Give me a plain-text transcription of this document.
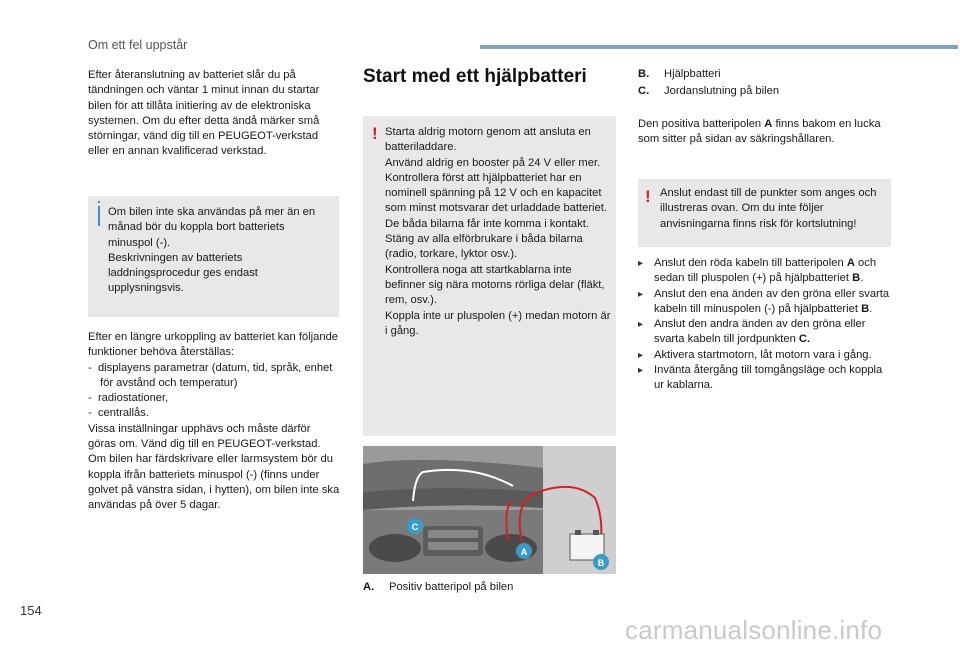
Om ett fel uppstår

Efter återanslutning av batteriet slår du på tändningen och väntar 1 minut innan du startar bilen för att tillåta initiering av de elektroniska systemen. Om du efter detta ändå märker små störningar, vänd dig till en PEUGEOT-verkstad eller en annan kvalificerad verkstad.

Om bilen inte ska användas på mer än en månad bör du koppla bort batteriets minuspol (-).

Beskrivningen av batteriets laddningsprocedur ges endast upplysningsvis.

Efter en längre urkoppling av batteriet kan följande funktioner behöva återställas:

-  displayens parametrar (datum, tid, språk, enhet för avstånd och temperatur)
-  radiostationer,
-  centrallås.

Vissa inställningar upphävs och måste därför göras om. Vänd dig till en PEUGEOT-verkstad. Om bilen har färdskrivare eller larmsystem bör du koppla ifrån batteriets minuspol (-) (finns under golvet på vänstra sidan, i hytten), om bilen inte ska användas på över 5 dagar.

Start med ett hjälpbatteri
! Starta aldrig motorn genom att ansluta en batteriladdare.

Använd aldrig en booster på 24 V eller mer.

Kontrollera först att hjälpbatteriet har en nominell spänning på 12 V och en kapacitet som minst motsvarar det urladdade batteriet.

De båda bilarna får inte komma i kontakt.

Stäng av alla elförbrukare i båda bilarna (radio, torkare, lyktor osv.).

Kontrollera noga att startkablarna inte befinner sig nära motorns rörliga delar (fläkt, rem, osv.).

Koppla inte ur pluspolen (+) medan motorn är i gång.

C
A
B
A.	Positiv batteripol på bilen
B.	Hjälpbatteri
C.	Jordanslutning på bilen

Den positiva batteripolen A finns bakom en lucka som sitter på sidan av säkringshållaren.

! Anslut endast till de punkter som anges och illustreras ovan. Om du inte följer anvisningarna finns risk för kortslutning!

▸ Anslut den röda kabeln till batteripolen A och sedan till pluspolen (+) på hjälpbatteriet B.
▸ Anslut den ena änden av den gröna eller svarta kabeln till minuspolen (-) på hjälpbatteriet B.
▸ Anslut den andra änden av den gröna eller svarta kabeln till jordpunkten C.
▸ Aktivera startmotorn, låt motorn vara i gång.
▸ Invänta återgång till tomgångsläge och koppla ur kablarna.
154
carmanualsonline.info
